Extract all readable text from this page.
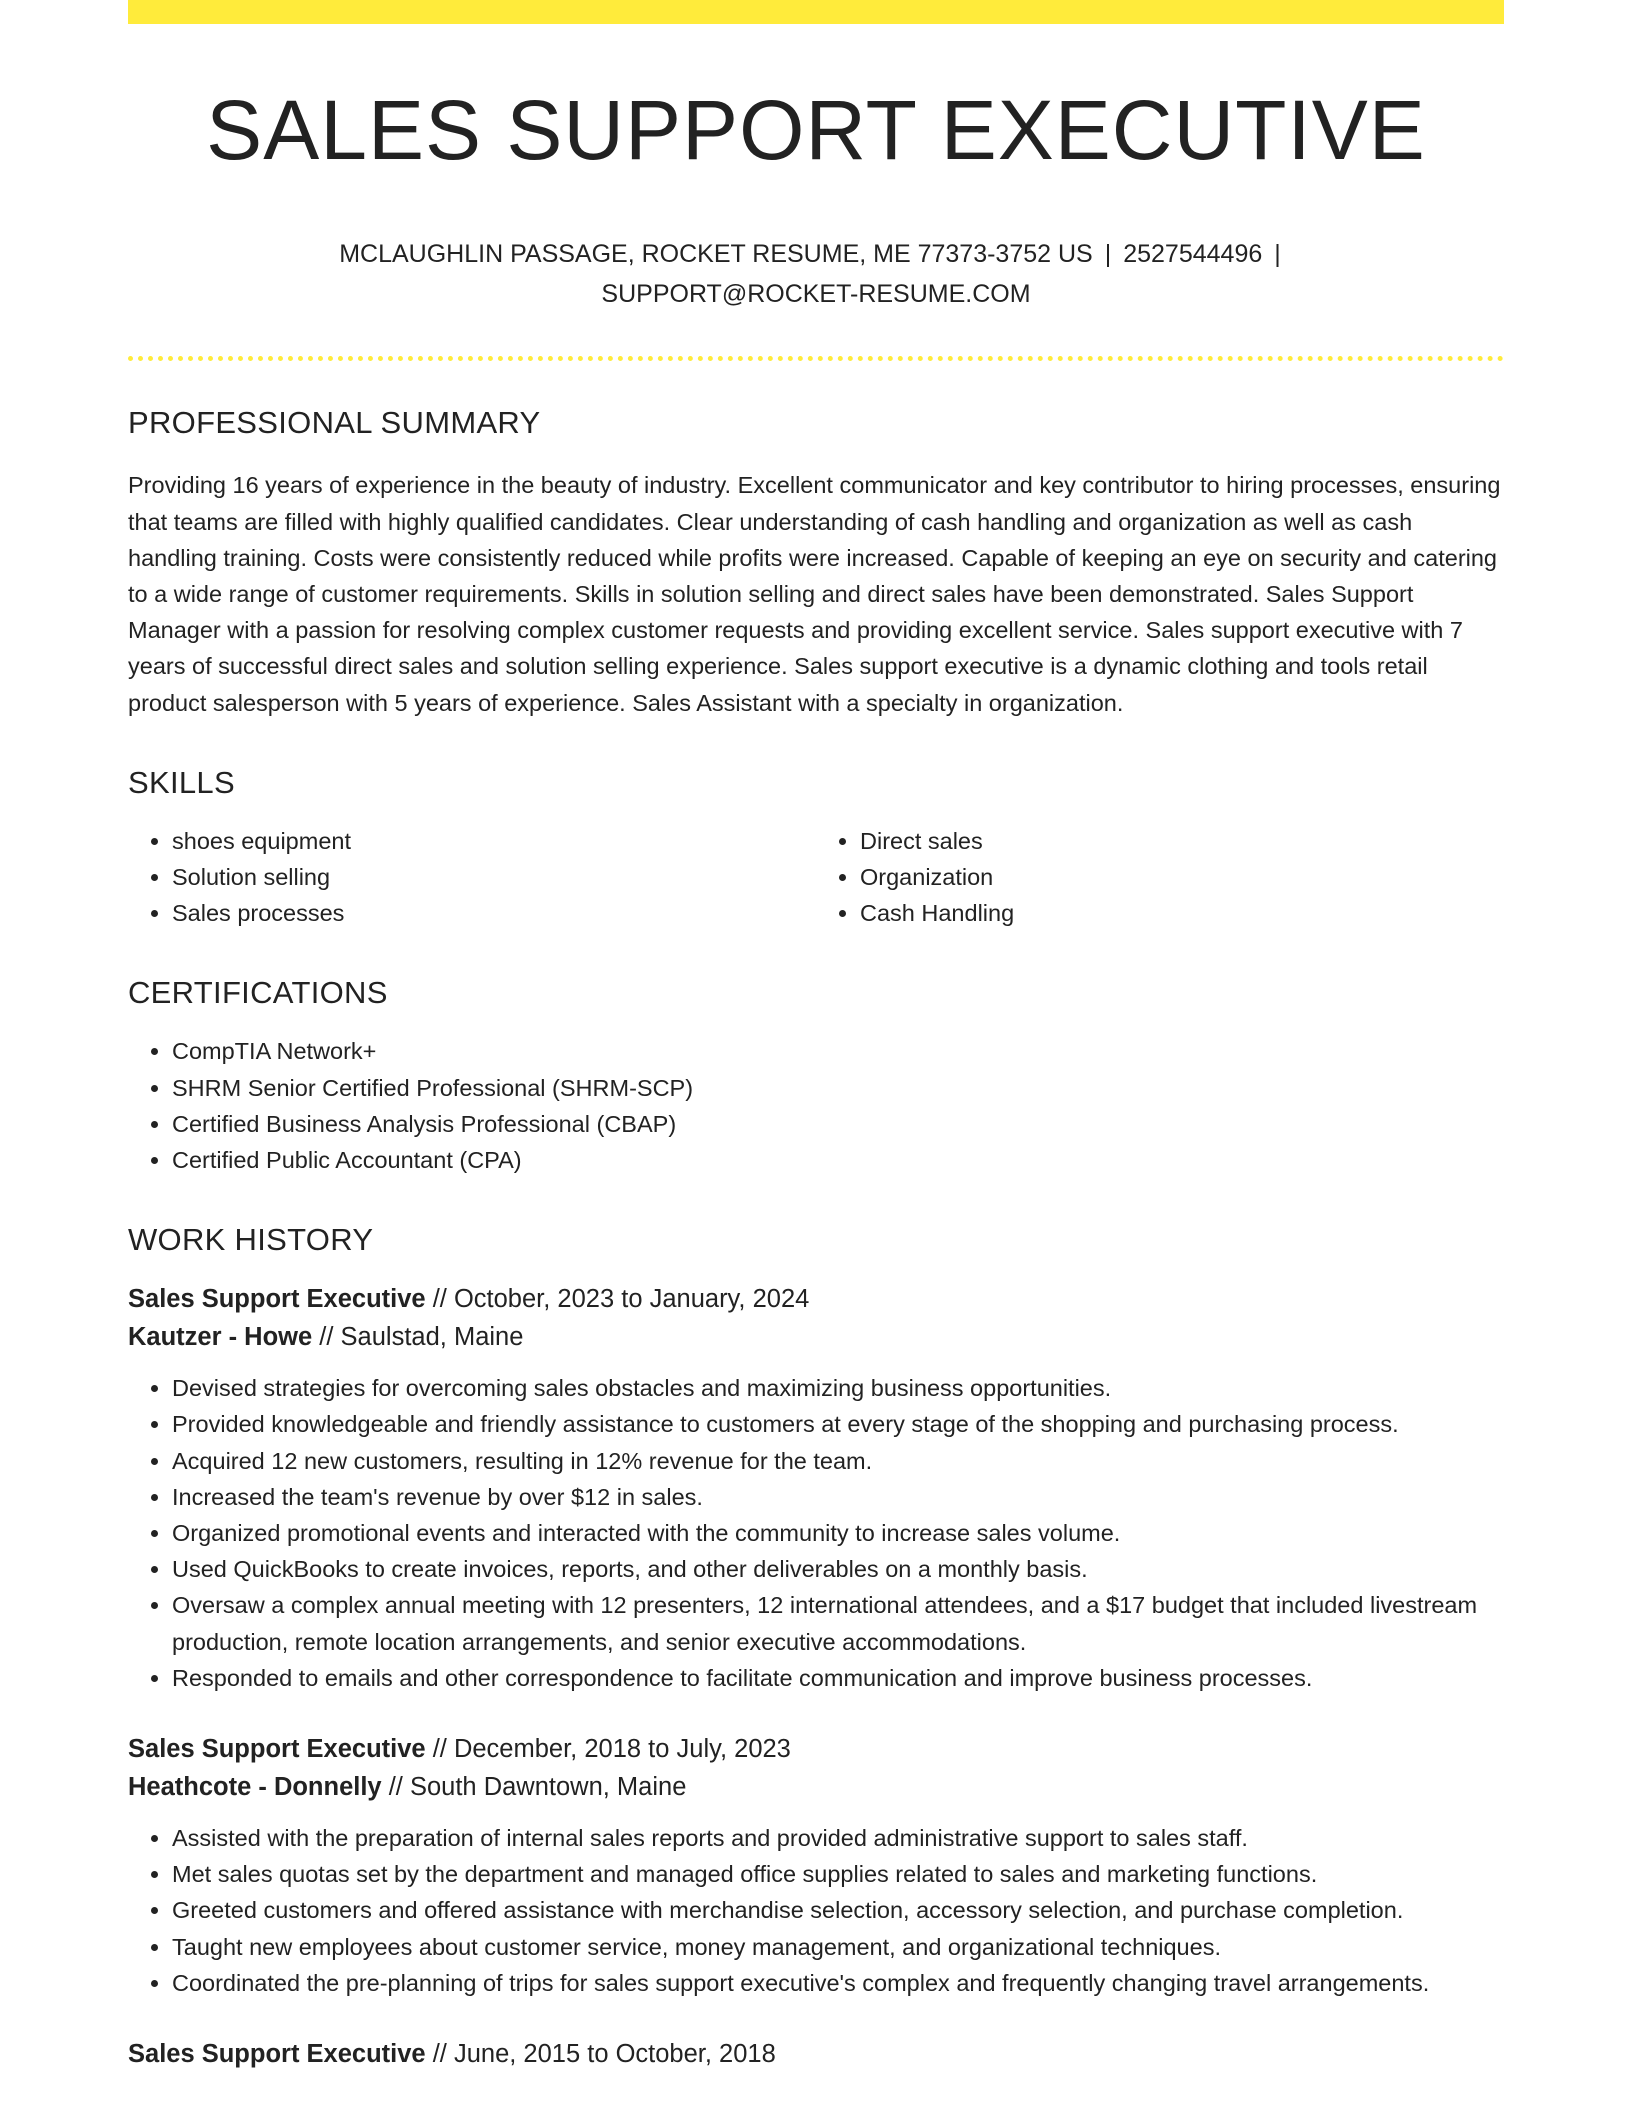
SALES SUPPORT EXECUTIVE
MCLAUGHLIN PASSAGE, ROCKET RESUME, ME 77373-3752 US | 2527544496 |
SUPPORT@ROCKET-RESUME.COM
PROFESSIONAL SUMMARY

Providing 16 years of experience in the beauty of industry. Excellent communicator and key contributor to hiring processes, ensuring that teams are filled with highly qualified candidates. Clear understanding of cash handling and organization as well as cash handling training. Costs were consistently reduced while profits were increased. Capable of keeping an eye on security and catering to a wide range of customer requirements. Skills in solution selling and direct sales have been demonstrated. Sales Support Manager with a passion for resolving complex customer requests and providing excellent service. Sales support executive with 7 years of successful direct sales and solution selling experience. Sales support executive is a dynamic clothing and tools retail product salesperson with 5 years of experience. Sales Assistant with a specialty in organization.

SKILLS
• shoes equipment
• Solution selling
• Sales processes
• Direct sales
• Organization
• Cash Handling
CERTIFICATIONS
• CompTIA Network+
• SHRM Senior Certified Professional (SHRM-SCP)
• Certified Business Analysis Professional (CBAP)
• Certified Public Accountant (CPA)
WORK HISTORY
Sales Support Executive // October, 2023 to January, 2024
Kautzer - Howe // Saulstad, Maine
• Devised strategies for overcoming sales obstacles and maximizing business opportunities.
• Provided knowledgeable and friendly assistance to customers at every stage of the shopping and purchasing process.
• Acquired 12 new customers, resulting in 12% revenue for the team.
• Increased the team's revenue by over $12 in sales.
• Organized promotional events and interacted with the community to increase sales volume.
• Used QuickBooks to create invoices, reports, and other deliverables on a monthly basis.
• Oversaw a complex annual meeting with 12 presenters, 12 international attendees, and a $17 budget that included livestream production, remote location arrangements, and senior executive accommodations.
• Responded to emails and other correspondence to facilitate communication and improve business processes.
Sales Support Executive // December, 2018 to July, 2023
Heathcote - Donnelly // South Dawntown, Maine
• Assisted with the preparation of internal sales reports and provided administrative support to sales staff.
• Met sales quotas set by the department and managed office supplies related to sales and marketing functions.
• Greeted customers and offered assistance with merchandise selection, accessory selection, and purchase completion.
• Taught new employees about customer service, money management, and organizational techniques.
• Coordinated the pre-planning of trips for sales support executive's complex and frequently changing travel arrangements.
Sales Support Executive // June, 2015 to October, 2018
